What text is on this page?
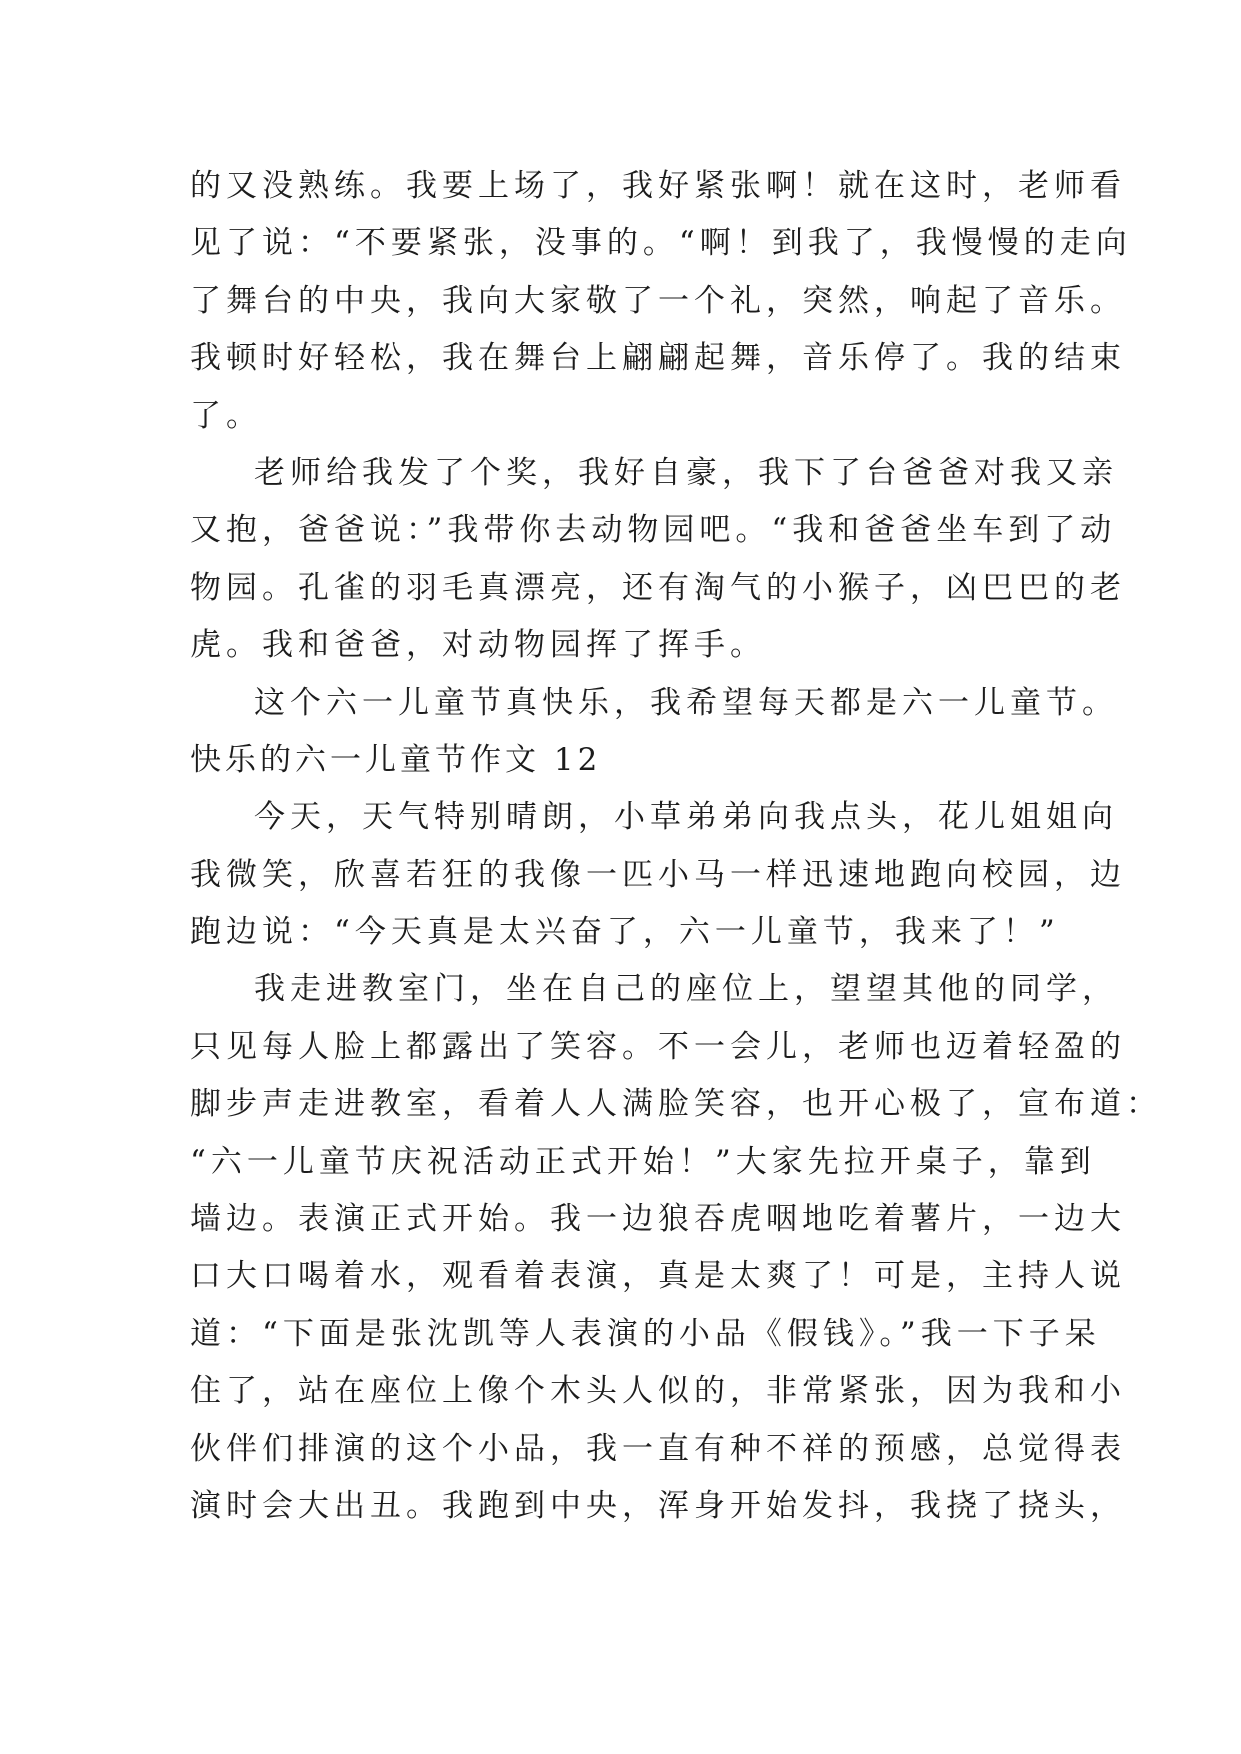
的又没熟练。我要上场了，我好紧张啊！就在这时，老师看
见了说：“不要紧张，没事的。“啊！到我了，我慢慢的走向
了舞台的中央，我向大家敬了一个礼，突然，响起了音乐。
我顿时好轻松，我在舞台上翩翩起舞，音乐停了。我的结束
了。
老师给我发了个奖，我好自豪，我下了台爸爸对我又亲
又抱，爸爸说：”我带你去动物园吧。“我和爸爸坐车到了动
物园。孔雀的羽毛真漂亮，还有淘气的小猴子，凶巴巴的老
虎。我和爸爸，对动物园挥了挥手。
这个六一儿童节真快乐，我希望每天都是六一儿童节。
快乐的六一儿童节作文 12
今天，天气特别晴朗，小草弟弟向我点头，花儿姐姐向
我微笑，欣喜若狂的我像一匹小马一样迅速地跑向校园，边
跑边说：“今天真是太兴奋了，六一儿童节，我来了！”
我走进教室门，坐在自己的座位上，望望其他的同学，
只见每人脸上都露出了笑容。不一会儿，老师也迈着轻盈的
脚步声走进教室，看着人人满脸笑容，也开心极了，宣布道：
“六一儿童节庆祝活动正式开始！”大家先拉开桌子，靠到
墙边。表演正式开始。我一边狼吞虎咽地吃着薯片，一边大
口大口喝着水，观看着表演，真是太爽了！可是，主持人说
道：“下面是张沈凯等人表演的小品《假钱》。”我一下子呆
住了，站在座位上像个木头人似的，非常紧张，因为我和小
伙伴们排演的这个小品，我一直有种不祥的预感，总觉得表
演时会大出丑。我跑到中央，浑身开始发抖，我挠了挠头，
